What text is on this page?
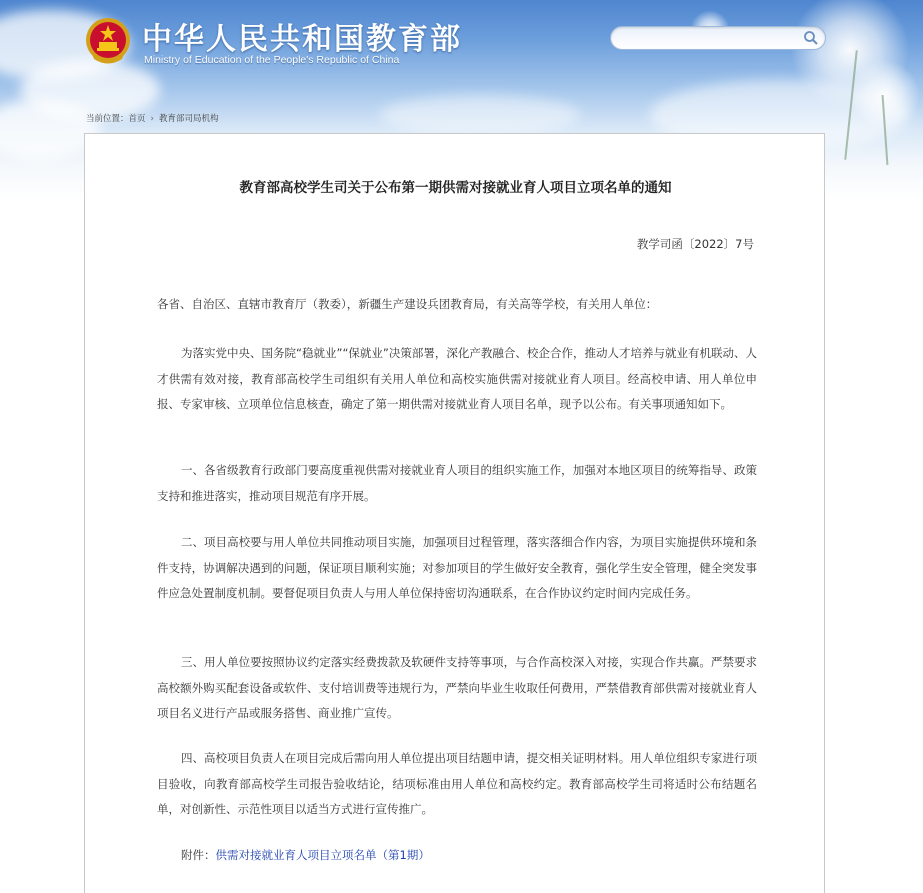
中华人民共和国教育部
Ministry of Education of the People's Republic of China
当前位置：首页 › 教育部司局机构
教育部高校学生司关于公布第一期供需对接就业育人项目立项名单的通知
教学司函〔2022〕7号

各省、自治区、直辖市教育厅（教委），新疆生产建设兵团教育局，有关高等学校，有关用人单位：

为落实党中央、国务院“稳就业”“保就业”决策部署，深化产教融合、校企合作，推动人才培养与就业有机联动、人才供需有效对接，教育部高校学生司组织有关用人单位和高校实施供需对接就业育人项目。经高校申请、用人单位申报、专家审核、立项单位信息核查，确定了第一期供需对接就业育人项目名单，现予以公布。有关事项通知如下。

一、各省级教育行政部门要高度重视供需对接就业育人项目的组织实施工作，加强对本地区项目的统筹指导、政策支持和推进落实，推动项目规范有序开展。

二、项目高校要与用人单位共同推动项目实施，加强项目过程管理，落实落细合作内容，为项目实施提供环境和条件支持，协调解决遇到的问题，保证项目顺利实施；对参加项目的学生做好安全教育，强化学生安全管理，健全突发事件应急处置制度机制。要督促项目负责人与用人单位保持密切沟通联系，在合作协议约定时间内完成任务。

三、用人单位要按照协议约定落实经费拨款及软硬件支持等事项，与合作高校深入对接，实现合作共赢。严禁要求高校额外购买配套设备或软件、支付培训费等违规行为，严禁向毕业生收取任何费用，严禁借教育部供需对接就业育人项目名义进行产品或服务搭售、商业推广宣传。

四、高校项目负责人在项目完成后需向用人单位提出项目结题申请，提交相关证明材料。用人单位组织专家进行项目验收，向教育部高校学生司报告验收结论，结项标准由用人单位和高校约定。教育部高校学生司将适时公布结题名单，对创新性、示范性项目以适当方式进行宣传推广。

附件：供需对接就业育人项目立项名单（第1期）
